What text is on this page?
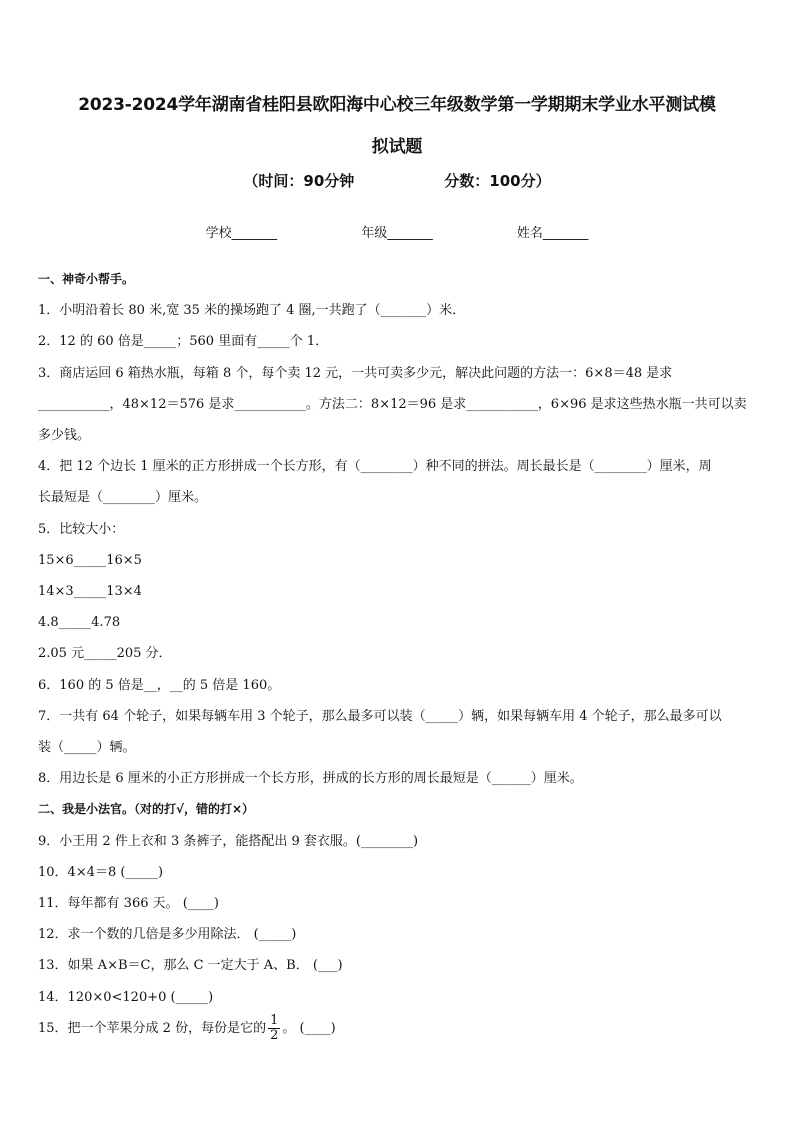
2023-2024学年湖南省桂阳县欧阳海中心校三年级数学第一学期期末学业水平测试模
拟试题
（时间：90分钟	分数：100分）
学校_______	年级_______	姓名_______
一、神奇小帮手。
1．小明沿着长 80 米,宽 35 米的操场跑了 4 圈,一共跑了（_______）米．
2．12 的 60 倍是_____；560 里面有_____个 1．
3．商店运回 6 箱热水瓶，每箱 8 个，每个卖 12 元，一共可卖多少元，解决此问题的方法一：6×8＝48 是求
___________，48×12＝576 是求___________。方法二：8×12＝96 是求___________，6×96 是求这些热水瓶一共可以卖
多少钱。
4．把 12 个边长 1 厘米的正方形拼成一个长方形，有（________）种不同的拼法。周长最长是（________）厘米，周
长最短是（________）厘米。
5．比较大小：
15×6_____16×5
14×3_____13×4
4.8_____4.78
2.05 元_____205 分．
6．160 的 5 倍是__，__的 5 倍是 160。
7．一共有 64 个轮子，如果每辆车用 3 个轮子，那么最多可以装（_____）辆，如果每辆车用 4 个轮子，那么最多可以
装（_____）辆。
8．用边长是 6 厘米的小正方形拼成一个长方形，拼成的长方形的周长最短是（______）厘米。
二、我是小法官。（对的打√，错的打×）
9．小王用 2 件上衣和 3 条裤子，能搭配出 9 套衣服。(________)
10．4×4＝8 (_____)
11．每年都有 366 天。 (____)
12．求一个数的几倍是多少用除法． (_____)
13．如果 A×B＝C，那么 C 一定大于 A、B． (___)
14．120×0<120+0 (_____)
15．把一个苹果分成 2 份，每份是它的 $\frac{1}{2}$ 。 (____)
